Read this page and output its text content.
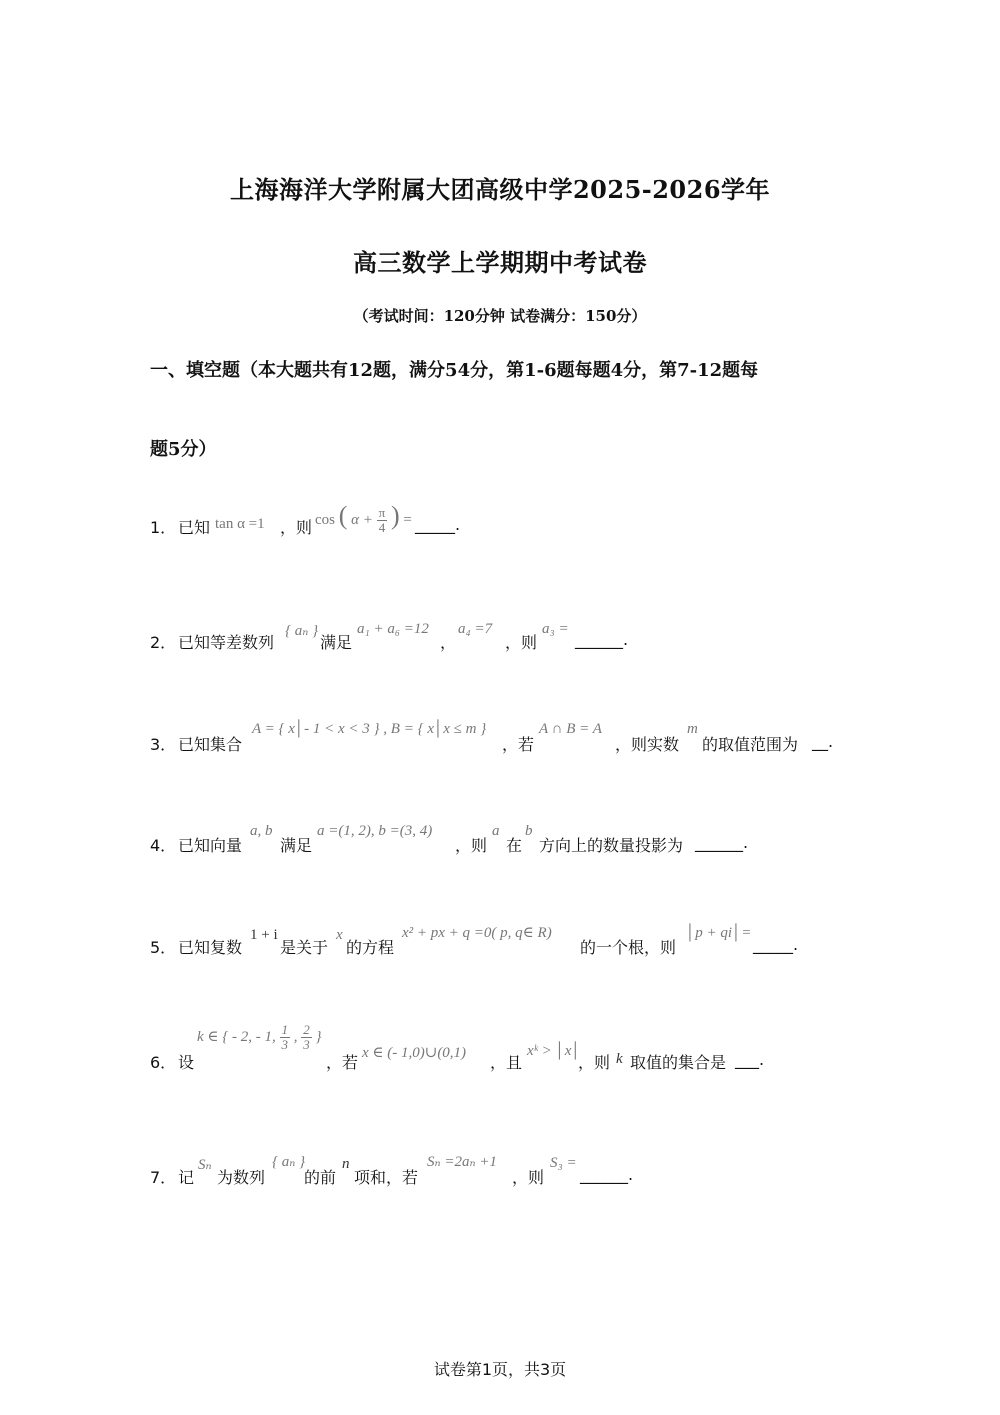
上海海洋大学附属大团高级中学2025-2026学年
高三数学上学期期中考试卷
（考试时间：120分钟 试卷满分：150分）
一、填空题（本大题共有12题，满分54分，第1-6题每题4分，第7-12题每
题5分）
1． 已知 tan α =1 ，则 cos ( $\alpha + \frac{\pi}{4}$ ) = _____.
2． 已知等差数列
{ aₙ }
满足
a₁ + a₆ =12
，
a₄ =7
，则
a₃ =
______.
3． 已知集合
A = { x│- 1 < x < 3 } , B = { x│x ≤ m }
，若
A ∩ B = A
，则实数
m
的取值范围为 __.
4． 已知向量
a, b
满足
a =(1, 2), b =(3, 4)
，则
a
在
b
方向上的数量投影为 ______.
5． 已知复数
1 + i
是关于
x
的方程
x² + px + q =0( p, q∈ R)
的一个根，则
│p + qi│=
_____.
6． 设
k ∈ { - 2, - 1, $\frac{1}{3}$ , $\frac{2}{3}$ }
，若 x ∈ (- 1,0)∪(0,1) ，且
xᵏ > │x│
，则 k 取值的集合是 ___.
7． 记
Sₙ
为数列
{ aₙ }
的前
n
项和，若
Sₙ =2aₙ +1
，则
S₃ =
______.
试卷第1页，共3页
